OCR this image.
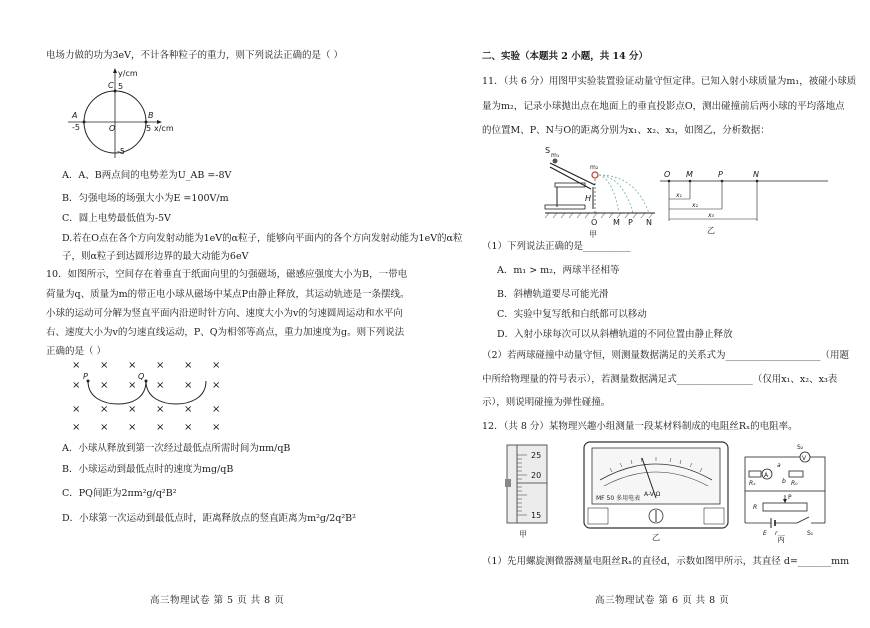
电场力做的功为3eV，不计各种粒子的重力，则下列说法正确的是（ ）
y/cm
x/cm
5
C
A
-5
B
5
O
-5
A．A、B两点间的电势差为U_AB =-8V
B．匀强电场的场强大小为E =100V/m
C．圆上电势最低值为-5V
D.若在O点在各个方向发射动能为1eV的α粒子，能够向平面内的各个方向发射动能为1eV的α粒
子，则α粒子到达圆形边界的最大动能为6eV
10．如图所示，空间存在着垂直于纸面向里的匀强磁场，磁感应强度大小为B，一带电
荷量为q、质量为m的带正电小球从磁场中某点P由静止释放，其运动轨迹是一条摆线。
小球的运动可分解为竖直平面内沿逆时针方向、速度大小为v的匀速圆周运动和水平向
右、速度大小为v的匀速直线运动，P、Q为相邻等高点，重力加速度为g。则下列说法
正确的是（ ）
× × × × × ×
× × × × × ×
× × × × × ×
× × × × × ×
P	Q
A．小球从释放到第一次经过最低点所需时间为πm/qB
B．小球运动到最低点时的速度为mg/qB
C．PQ间距为2πm²g/q²B²
D．小球第一次运动到最低点时，距离释放点的竖直距离为m²g/2q²B²
高三物理试卷 第 5 页 共 8 页
二、实验（本题共 2 小题，共 14 分）
11．（共 6 分）用图甲实验装置验证动量守恒定律。已知入射小球质量为m₁，被碰小球质
量为m₂，记录小球抛出点在地面上的垂直投影点O，测出碰撞前后两小球的平均落地点
的位置M、P、N与O的距离分别为x₁、x₂、x₃，如图乙，分析数据：
S
m₁
m₂
H
O M P N
甲
O M	P	N
x₁
x₂
x₃
乙
（1）下列说法正确的是__________
A．m₁ > m₂，两球半径相等
B．斜槽轨道要尽可能光滑
C．实验中复写纸和白纸都可以移动
D．入射小球每次可以从斜槽轨道的不同位置由静止释放
（2）若两球碰撞中动量守恒，则测量数据满足的关系式为____________________（用题
中所给物理量的符号表示），若测量数据满足式________________（仅用x₁、x₂、x₃表
示），则说明碰撞为弹性碰撞。
12．（共 8 分）某物理兴趣小组测量一段某材料制成的电阻丝Rₓ的电阻率。
25
20
15
甲
A-V-Ω
MF 50 多用电表
乙
S₂
a
b
V
A
Rₓ	R₀
P
R
E r	S₁
丙
（1）先用螺旋测微器测量电阻丝Rₓ的直径d，示数如图甲所示，其直径 d=_______mm
高三物理试卷 第 6 页 共 8 页
